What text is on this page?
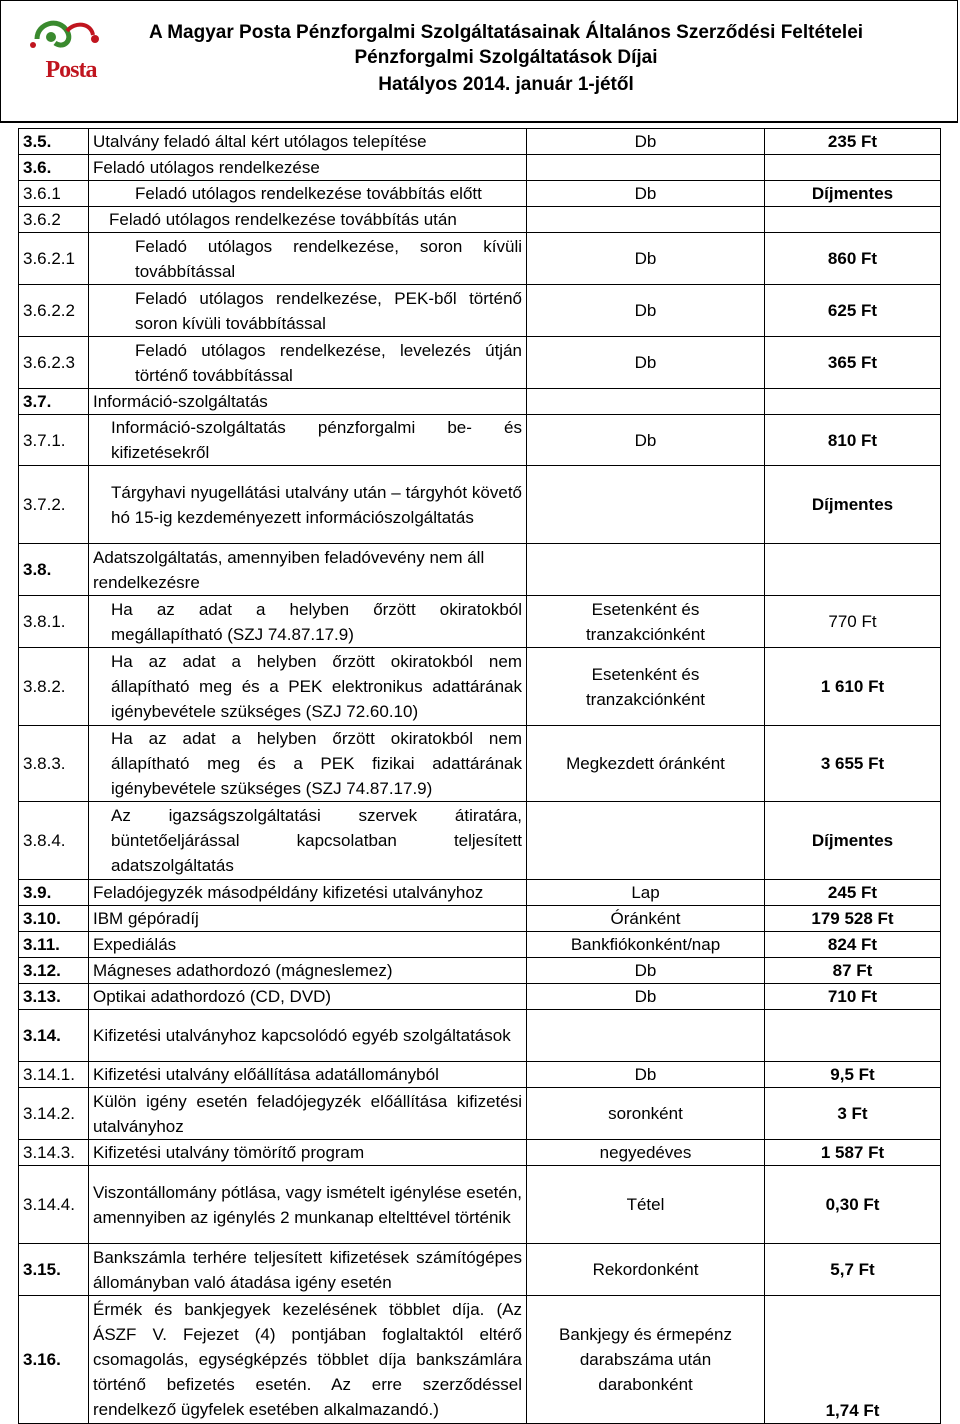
Posta
A Magyar Posta Pénzforgalmi Szolgáltatásainak Általános Szerződési Feltételei
Pénzforgalmi Szolgáltatások Díjai
Hatályos 2014. január 1-jétől
3.5.	Utalvány feladó által kért utólagos telepítése	Db	235 Ft
3.6.	Feladó utólagos rendelkezése		
3.6.1	Feladó utólagos rendelkezése továbbítás előtt	Db	Díjmentes
3.6.2	Feladó utólagos rendelkezése továbbítás után		
3.6.2.1	Feladó utólagos rendelkezése, soron kívüli továbbítással	Db	860 Ft
3.6.2.2	Feladó utólagos rendelkezése, PEK-ből történő soron kívüli továbbítással	Db	625 Ft
3.6.2.3	Feladó utólagos rendelkezése, levelezés útján történő továbbítással	Db	365 Ft
3.7.	Információ-szolgáltatás		
3.7.1.	Információ-szolgáltatás pénzforgalmi be- és kifizetésekről	Db	810 Ft
3.7.2.	Tárgyhavi nyugellátási utalvány után – tárgyhót követő hó 15-ig kezdeményezett információszolgáltatás		Díjmentes
3.8.	Adatszolgáltatás, amennyiben feladóvevény nem áll rendelkezésre		
3.8.1.	Ha az adat a helyben őrzött okiratokból megállapítható (SZJ 74.87.17.9)	Esetenként és tranzakciónként	770 Ft
3.8.2.	Ha az adat a helyben őrzött okiratokból nem állapítható meg és a PEK elektronikus adattárának igénybevétele szükséges (SZJ 72.60.10)	Esetenként és tranzakciónként	1 610 Ft
3.8.3.	Ha az adat a helyben őrzött okiratokból nem állapítható meg és a PEK fizikai adattárának igénybevétele szükséges (SZJ 74.87.17.9)	Megkezdett óránként	3 655 Ft
3.8.4.	Az igazságszolgáltatási szervek átiratára, büntetőeljárással kapcsolatban teljesített adatszolgáltatás		Díjmentes
3.9.	Feladójegyzék másodpéldány kifizetési utalványhoz	Lap	245 Ft
3.10.	IBM gépóradíj	Óránként	179 528 Ft
3.11.	Expediálás	Bankfiókonként/nap	824 Ft
3.12.	Mágneses adathordozó (mágneslemez)	Db	87 Ft
3.13.	Optikai adathordozó (CD, DVD)	Db	710 Ft
3.14.	Kifizetési utalványhoz kapcsolódó egyéb szolgáltatások		
3.14.1.	Kifizetési utalvány előállítása adatállományból	Db	9,5 Ft
3.14.2.	Külön igény esetén feladójegyzék előállítása kifizetési utalványhoz	soronként	3 Ft
3.14.3.	Kifizetési utalvány tömörítő program	negyedéves	1 587 Ft
3.14.4.	Viszontállomány pótlása, vagy ismételt igénylése esetén, amennyiben az igénylés 2 munkanap eltelttével történik	Tétel	0,30 Ft
3.15.	Bankszámla terhére teljesített kifizetések számítógépes állományban való átadása igény esetén	Rekordonként	5,7 Ft
3.16.	Érmék és bankjegyek kezelésének többlet díja. (Az ÁSZF V. Fejezet (4) pontjában foglaltaktól eltérő csomagolás, egységképzés többlet díja bankszámlára történő befizetés esetén. Az erre szerződéssel rendelkező ügyfelek esetében alkalmazandó.)	Bankjegy és érmepénz darabszáma után darabonként	1,74 Ft
